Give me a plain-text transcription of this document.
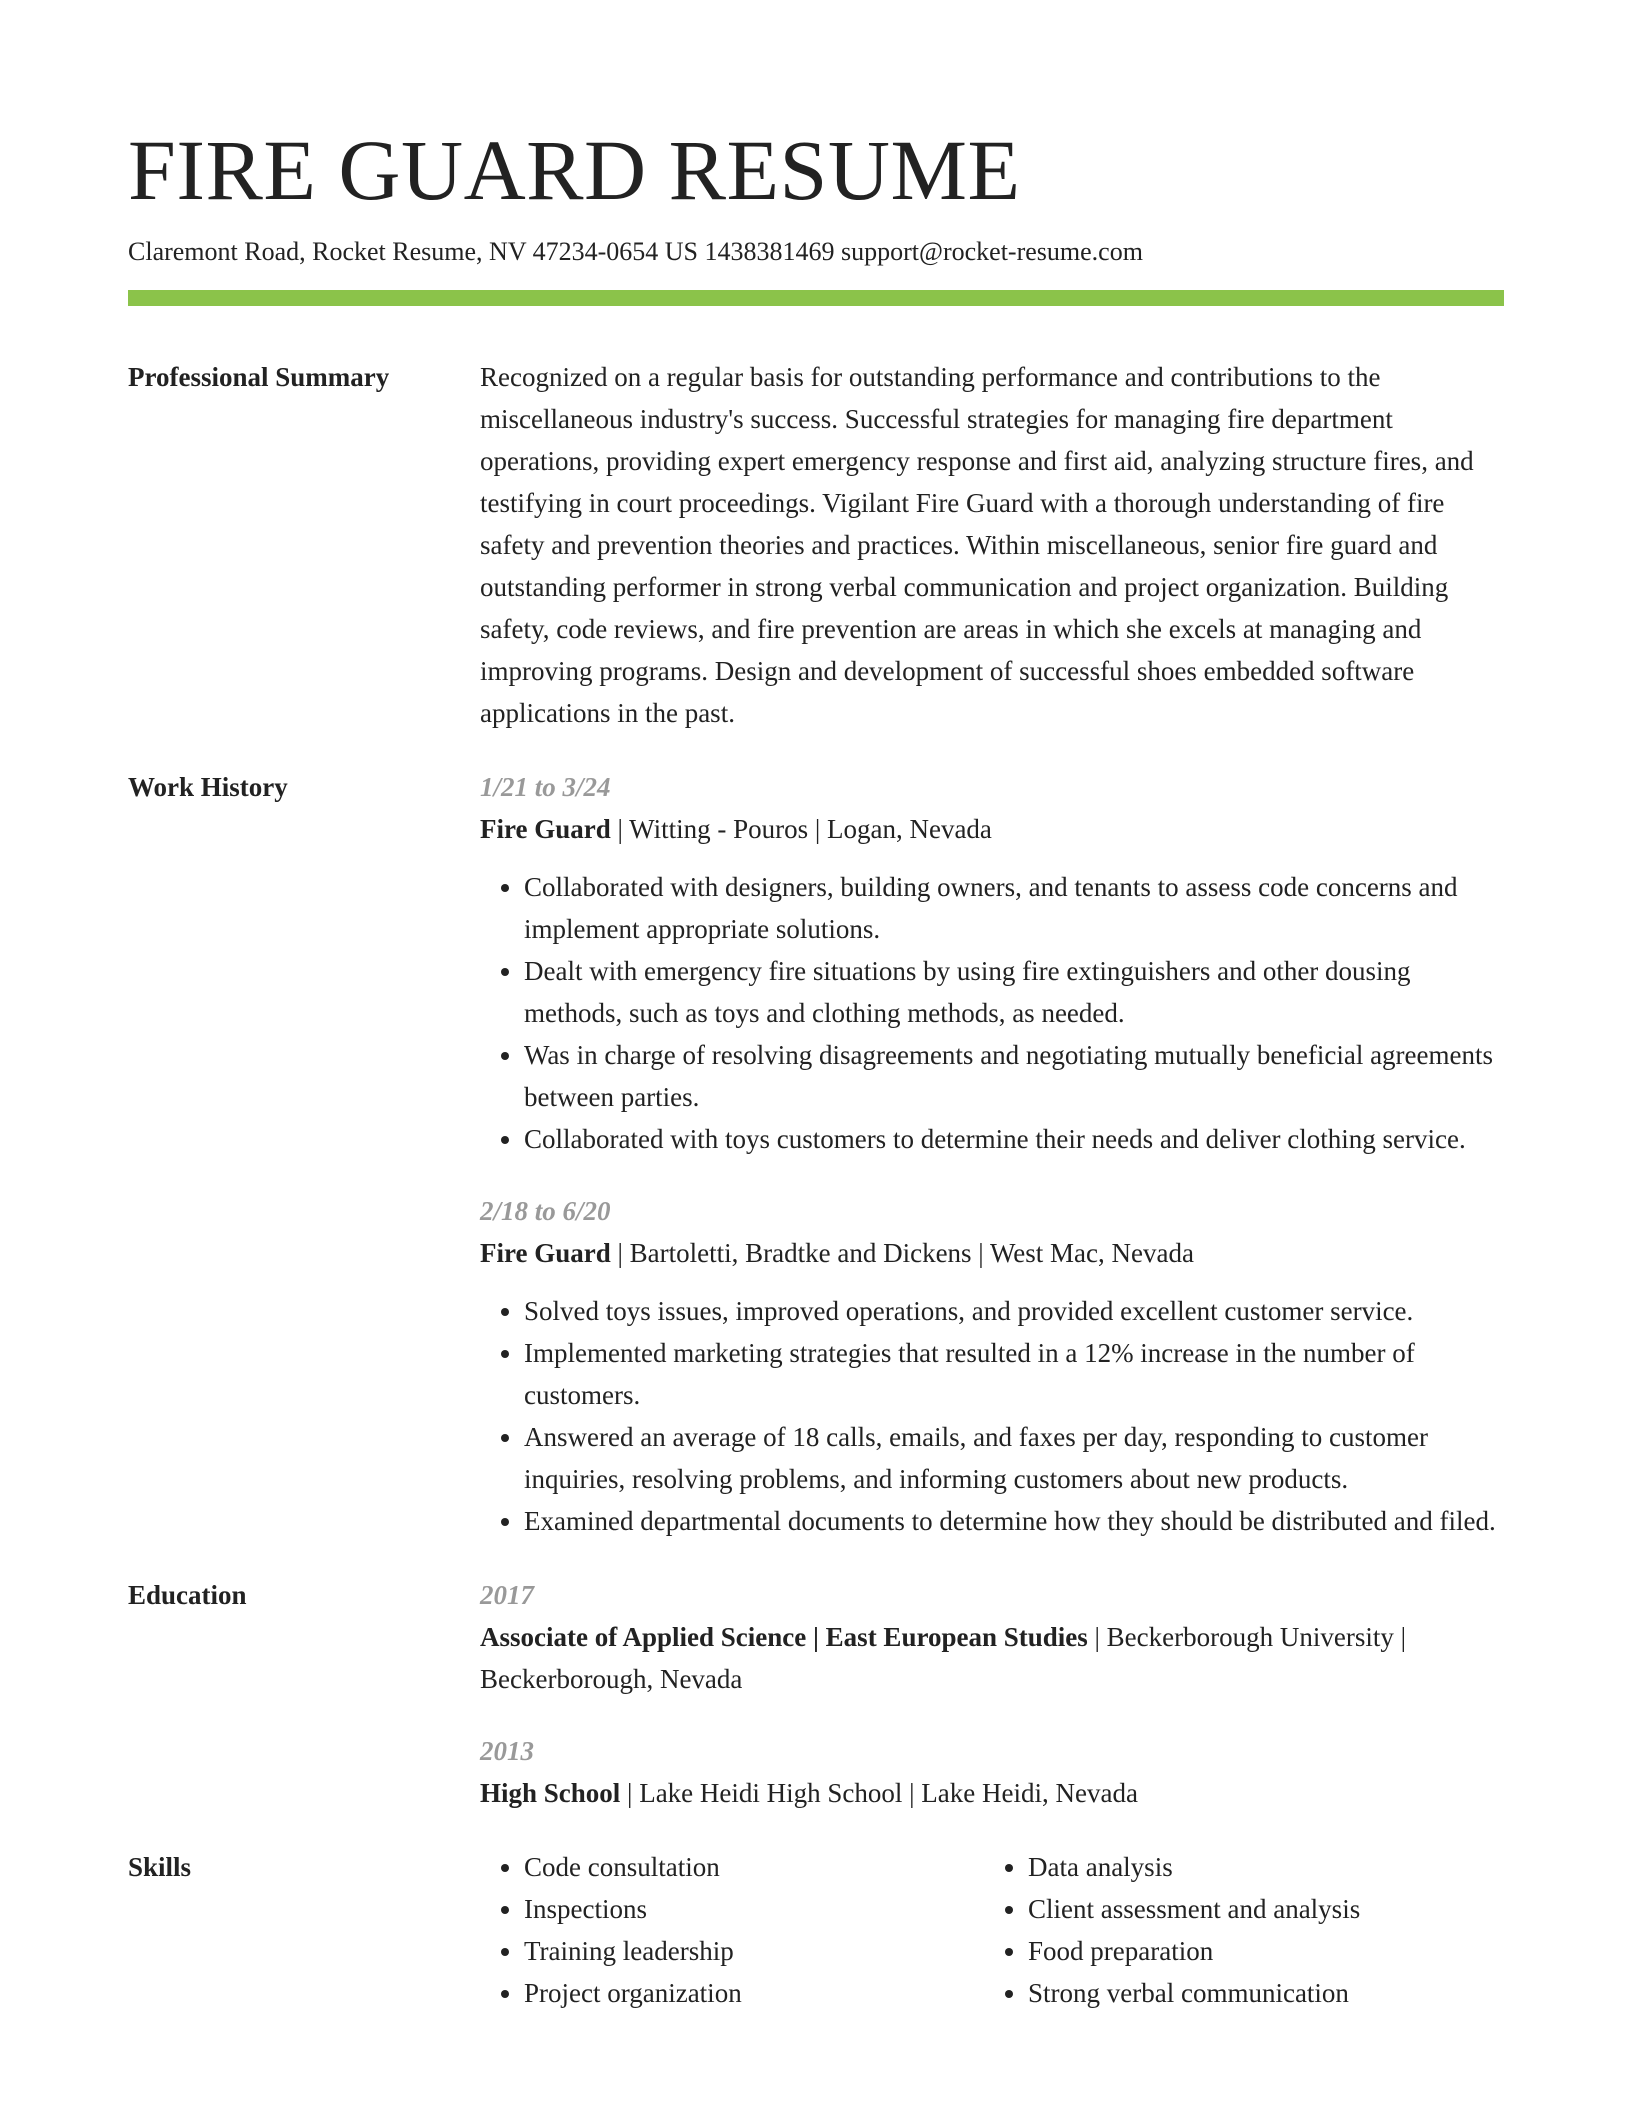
FIRE GUARD RESUME
Claremont Road, Rocket Resume, NV 47234-0654 US 1438381469 support@rocket-resume.com
Professional Summary	Recognized on a regular basis for outstanding performance and contributions to the miscellaneous industry's success. Successful strategies for managing fire department operations, providing expert emergency response and first aid, analyzing structure fires, and testifying in court proceedings. Vigilant Fire Guard with a thorough understanding of fire safety and prevention theories and practices. Within miscellaneous, senior fire guard and outstanding performer in strong verbal communication and project organization. Building safety, code reviews, and fire prevention are areas in which she excels at managing and improving programs. Design and development of successful shoes embedded software applications in the past.
Work History	1/21 to 3/24
Fire Guard | Witting - Pouros | Logan, Nevada
• Collaborated with designers, building owners, and tenants to assess code concerns and implement appropriate solutions.
• Dealt with emergency fire situations by using fire extinguishers and other dousing methods, such as toys and clothing methods, as needed.
• Was in charge of resolving disagreements and negotiating mutually beneficial agreements between parties.
• Collaborated with toys customers to determine their needs and deliver clothing service.
2/18 to 6/20
Fire Guard | Bartoletti, Bradtke and Dickens | West Mac, Nevada
• Solved toys issues, improved operations, and provided excellent customer service.
• Implemented marketing strategies that resulted in a 12% increase in the number of customers.
• Answered an average of 18 calls, emails, and faxes per day, responding to customer inquiries, resolving problems, and informing customers about new products.
• Examined departmental documents to determine how they should be distributed and filed.
Education	2017
Associate of Applied Science | East European Studies | Beckerborough University | Beckerborough, Nevada
2013
High School | Lake Heidi High School | Lake Heidi, Nevada
Skills
•	Code consultation
• Inspections
• Training leadership
• Project organization
• Data analysis
• Client assessment and analysis
• Food preparation
• Strong verbal communication
